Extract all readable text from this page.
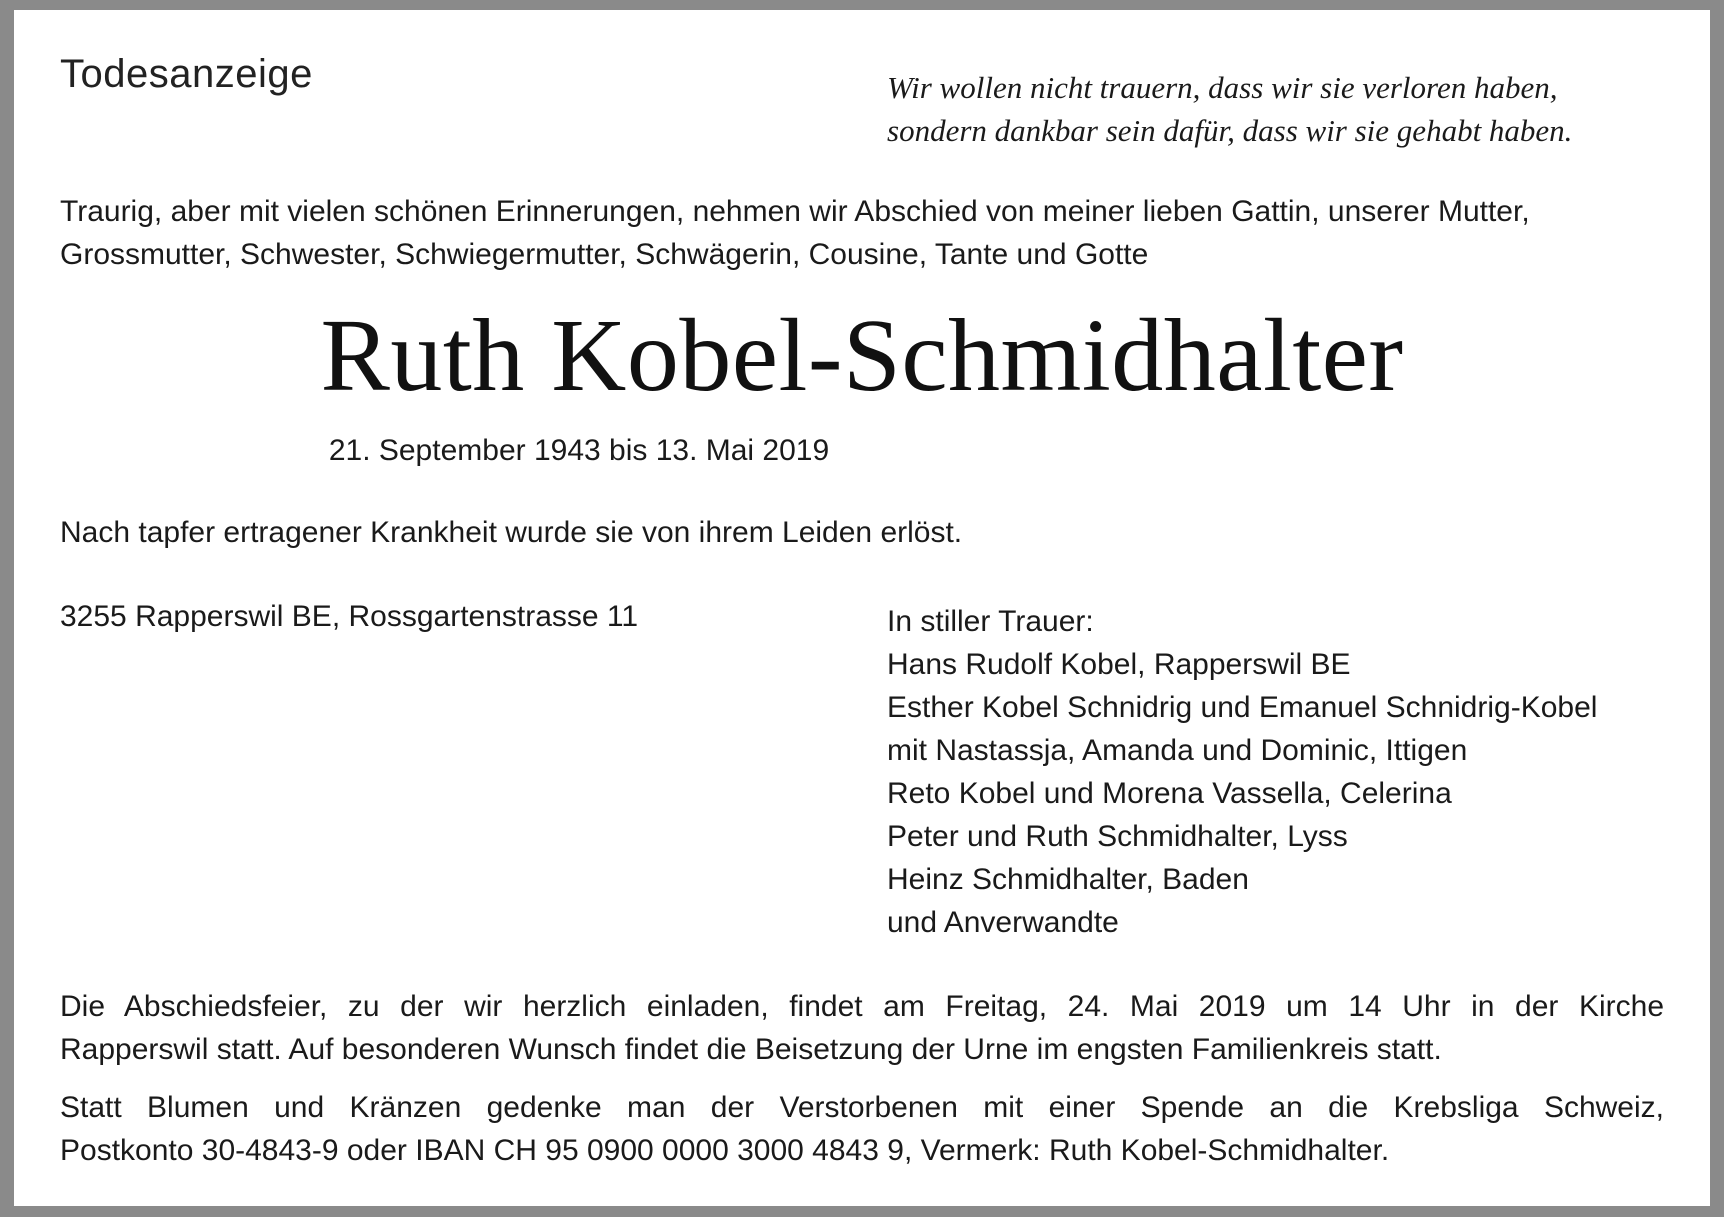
Todesanzeige	Wir wollen nicht trauern, dass wir sie verloren haben,
sondern dankbar sein dafür, dass wir sie gehabt haben.
Traurig, aber mit vielen schönen Erinnerungen, nehmen wir Abschied von meiner lieben Gattin, unserer Mutter,
Grossmutter, Schwester, Schwiegermutter, Schwägerin, Cousine, Tante und Gotte
Ruth Kobel-Schmidhalter
21. September 1943 bis 13. Mai 2019
Nach tapfer ertragener Krankheit wurde sie von ihrem Leiden erlöst.
3255 Rapperswil BE, Rossgartenstrasse 11	In stiller Trauer:
Hans Rudolf Kobel, Rapperswil BE
Esther Kobel Schnidrig und Emanuel Schnidrig-Kobel
mit Nastassja, Amanda und Dominic, Ittigen
Reto Kobel und Morena Vassella, Celerina
Peter und Ruth Schmidhalter, Lyss
Heinz Schmidhalter, Baden
und Anverwandte
Die Abschiedsfeier, zu der wir herzlich einladen, findet am Freitag, 24. Mai 2019 um 14 Uhr in der Kirche
Rapperswil statt. Auf besonderen Wunsch findet die Beisetzung der Urne im engsten Familienkreis statt.
Statt Blumen und Kränzen gedenke man der Verstorbenen mit einer Spende an die Krebsliga Schweiz,
Postkonto 30-4843-9 oder IBAN CH 95 0900 0000 3000 4843 9, Vermerk: Ruth Kobel-Schmidhalter.
